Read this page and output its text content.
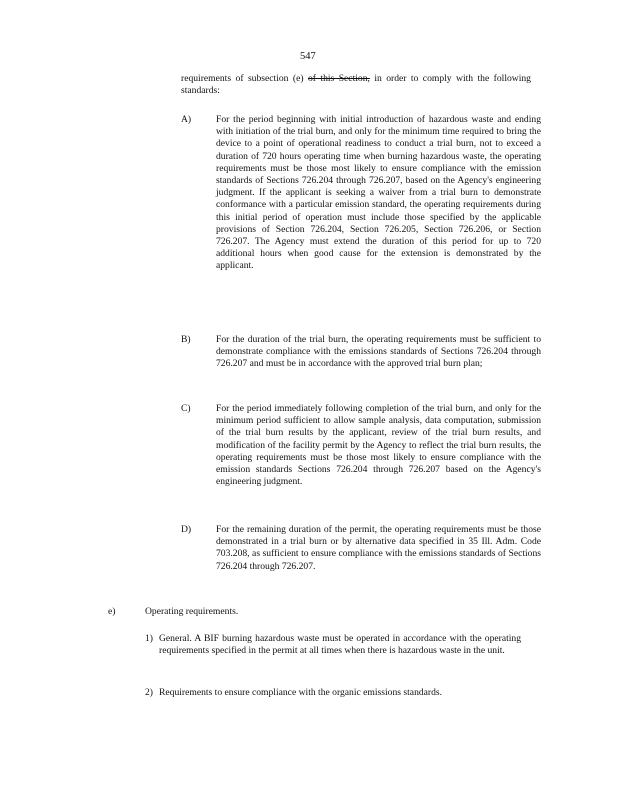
547

requirements of subsection (e) of this Section, in order to comply with the following standards:

A)	For the period beginning with initial introduction of hazardous waste and ending with initiation of the trial burn, and only for the minimum time required to bring the device to a point of operational readiness to conduct a trial burn, not to exceed a duration of 720 hours operating time when burning hazardous waste, the operating requirements must be those most likely to ensure compliance with the emission standards of Sections 726.204 through 726.207, based on the Agency's engineering judgment. If the applicant is seeking a waiver from a trial burn to demonstrate conformance with a particular emission standard, the operating requirements during this initial period of operation must include those specified by the applicable provisions of Section 726.204, Section 726.205, Section 726.206, or Section 726.207. The Agency must extend the duration of this period for up to 720 additional hours when good cause for the extension is demonstrated by the applicant.

B)	For the duration of the trial burn, the operating requirements must be sufficient to demonstrate compliance with the emissions standards of Sections 726.204 through 726.207 and must be in accordance with the approved trial burn plan;

C)	For the period immediately following completion of the trial burn, and only for the minimum period sufficient to allow sample analysis, data computation, submission of the trial burn results by the applicant, review of the trial burn results, and modification of the facility permit by the Agency to reflect the trial burn results, the operating requirements must be those most likely to ensure compliance with the emission standards Sections 726.204 through 726.207 based on the Agency's engineering judgment.

D)	For the remaining duration of the permit, the operating requirements must be those demonstrated in a trial burn or by alternative data specified in 35 Ill. Adm. Code 703.208, as sufficient to ensure compliance with the emissions standards of Sections 726.204 through 726.207.

e)	Operating requirements.

1) General. A BIF burning hazardous waste must be operated in accordance with the operating requirements specified in the permit at all times when there is hazardous waste in the unit.

2) Requirements to ensure compliance with the organic emissions standards.
